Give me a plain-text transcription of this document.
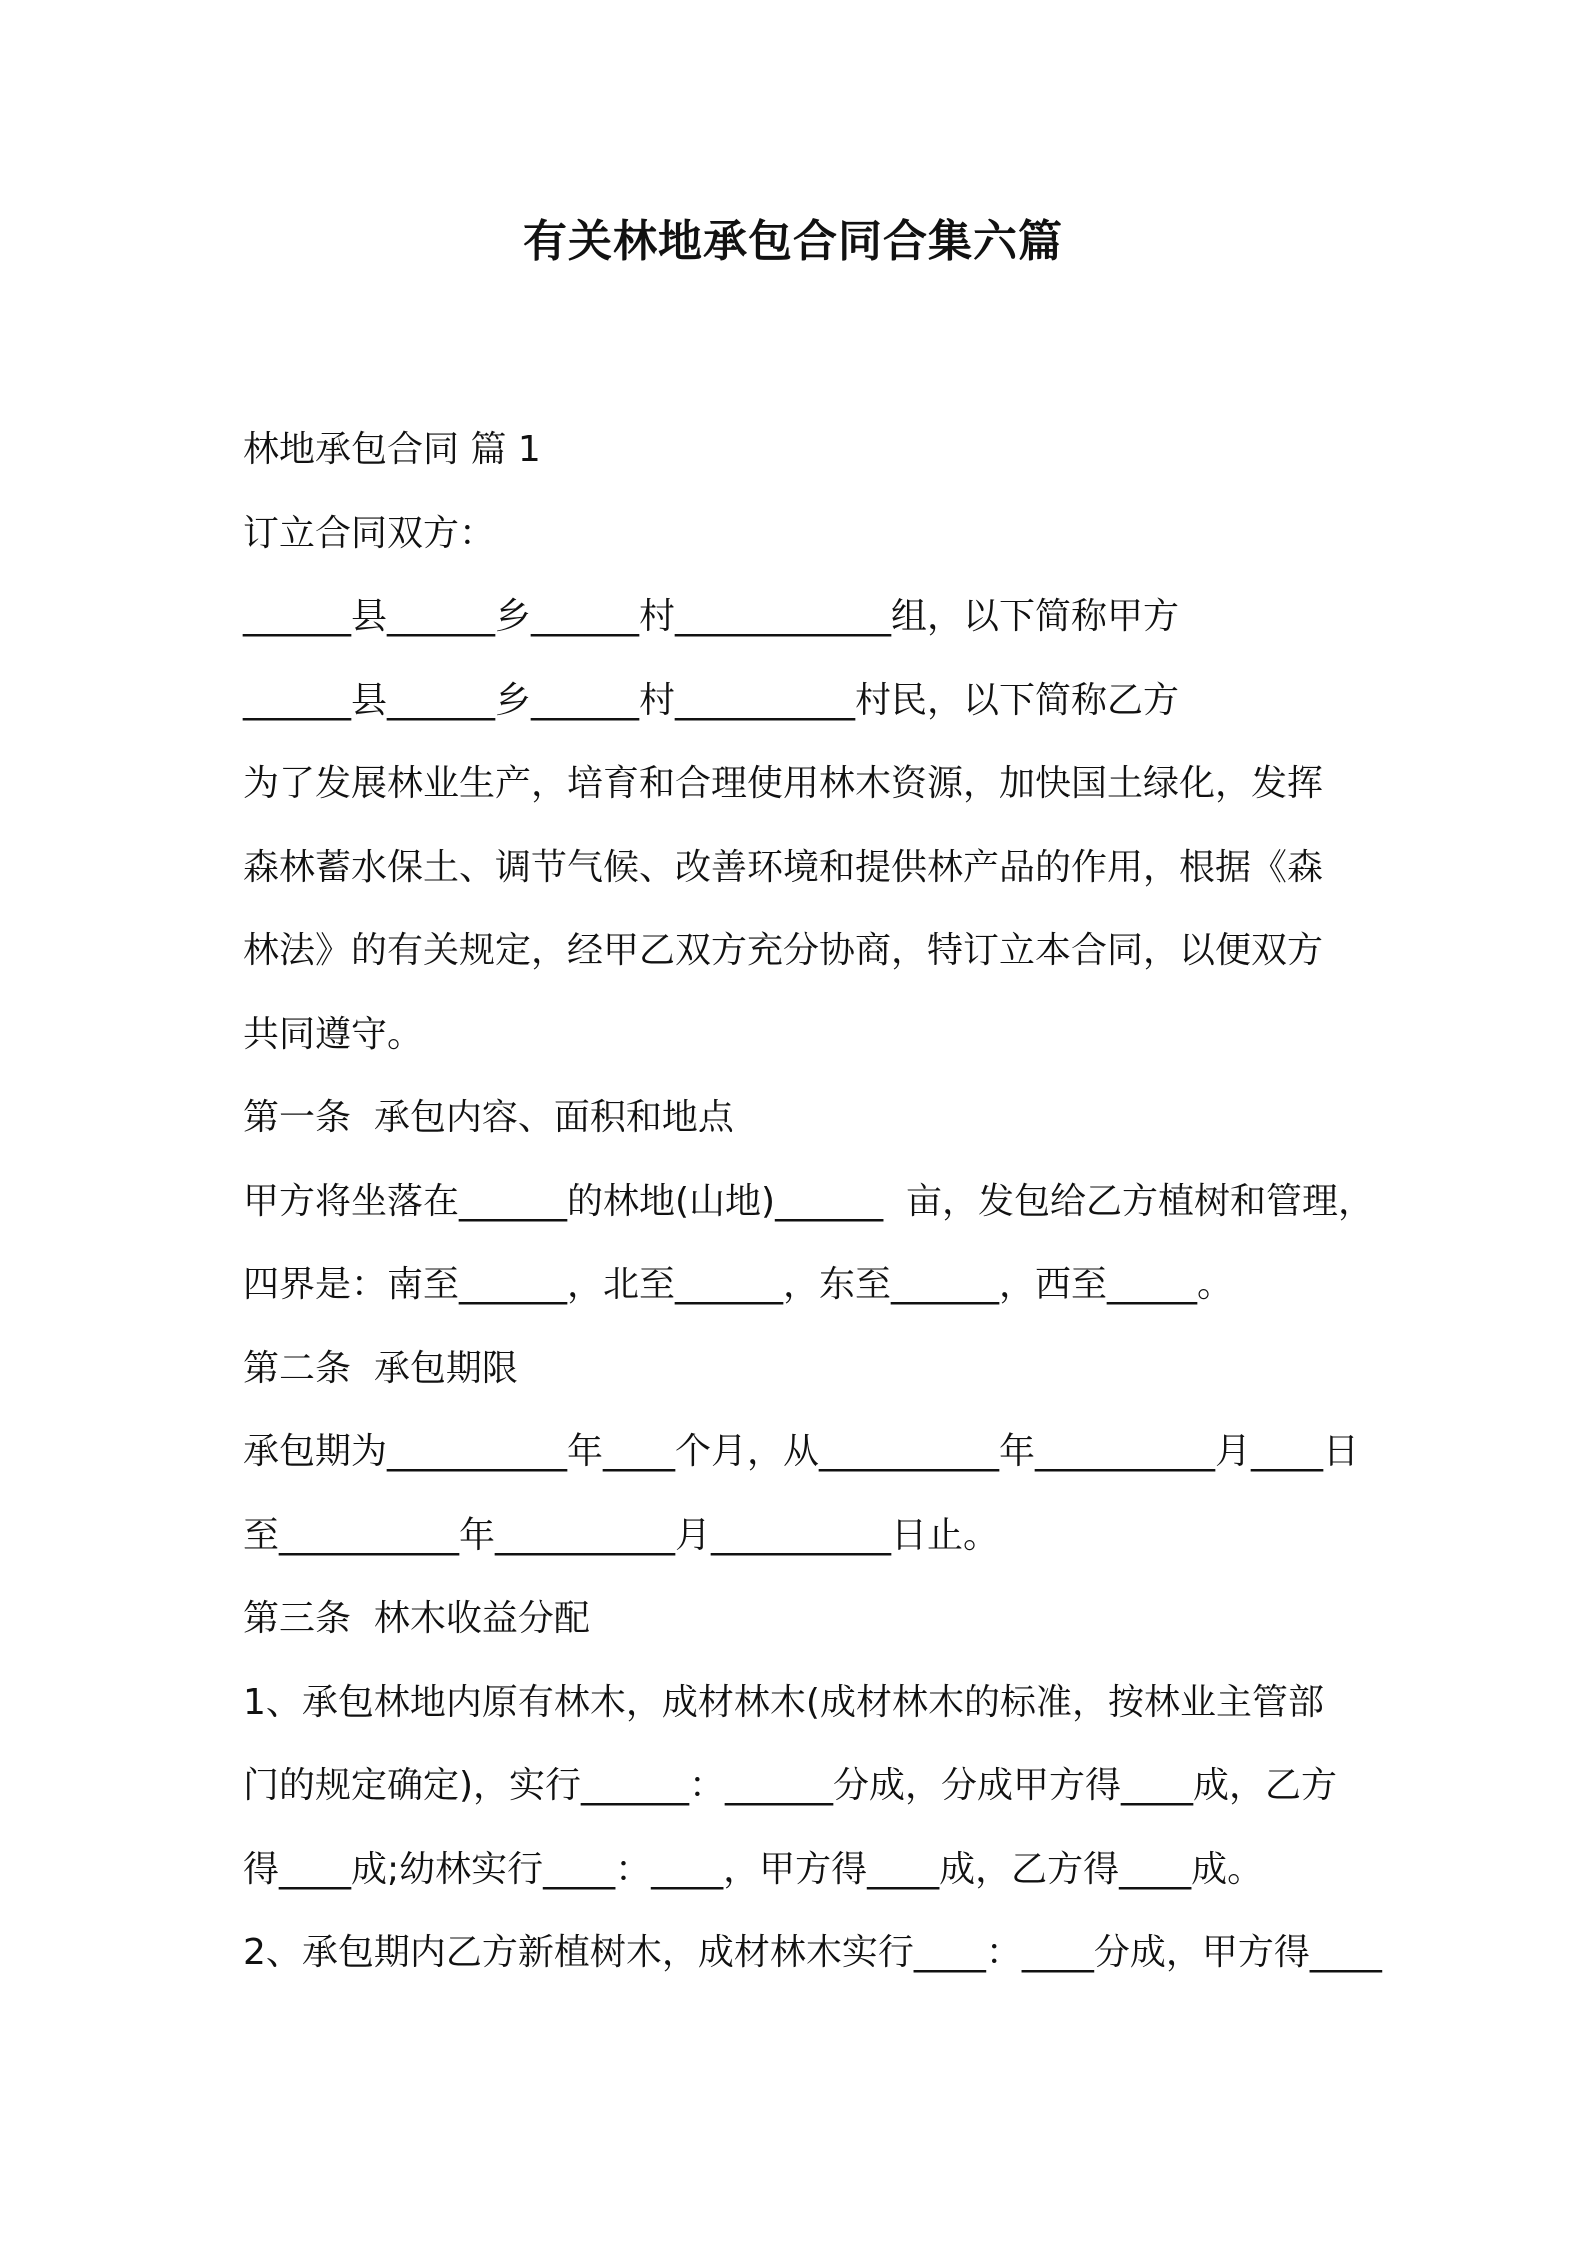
有关林地承包合同合集六篇
林地承包合同 篇 1
订立合同双方：
______县______乡______村____________组，以下简称甲方
______县______乡______村__________村民，以下简称乙方
为了发展林业生产，培育和合理使用林木资源，加快国土绿化，发挥
森林蓄水保土、调节气候、改善环境和提供林产品的作用，根据《森
林法》的有关规定，经甲乙双方充分协商，特订立本合同，以便双方
共同遵守。
第一条  承包内容、面积和地点
甲方将坐落在______的林地(山地)______  亩，发包给乙方植树和管理，
四界是：南至______，北至______，东至______，西至_____。
第二条  承包期限
承包期为__________年____个月，从__________年__________月____日
至__________年__________月__________日止。
第三条  林木收益分配
1、承包林地内原有林木，成材林木(成材林木的标准，按林业主管部
门的规定确定)，实行______：______分成，分成甲方得____成，乙方
得____成;幼林实行____：____，甲方得____成，乙方得____成。
2、承包期内乙方新植树木，成材林木实行____：____分成，甲方得____
